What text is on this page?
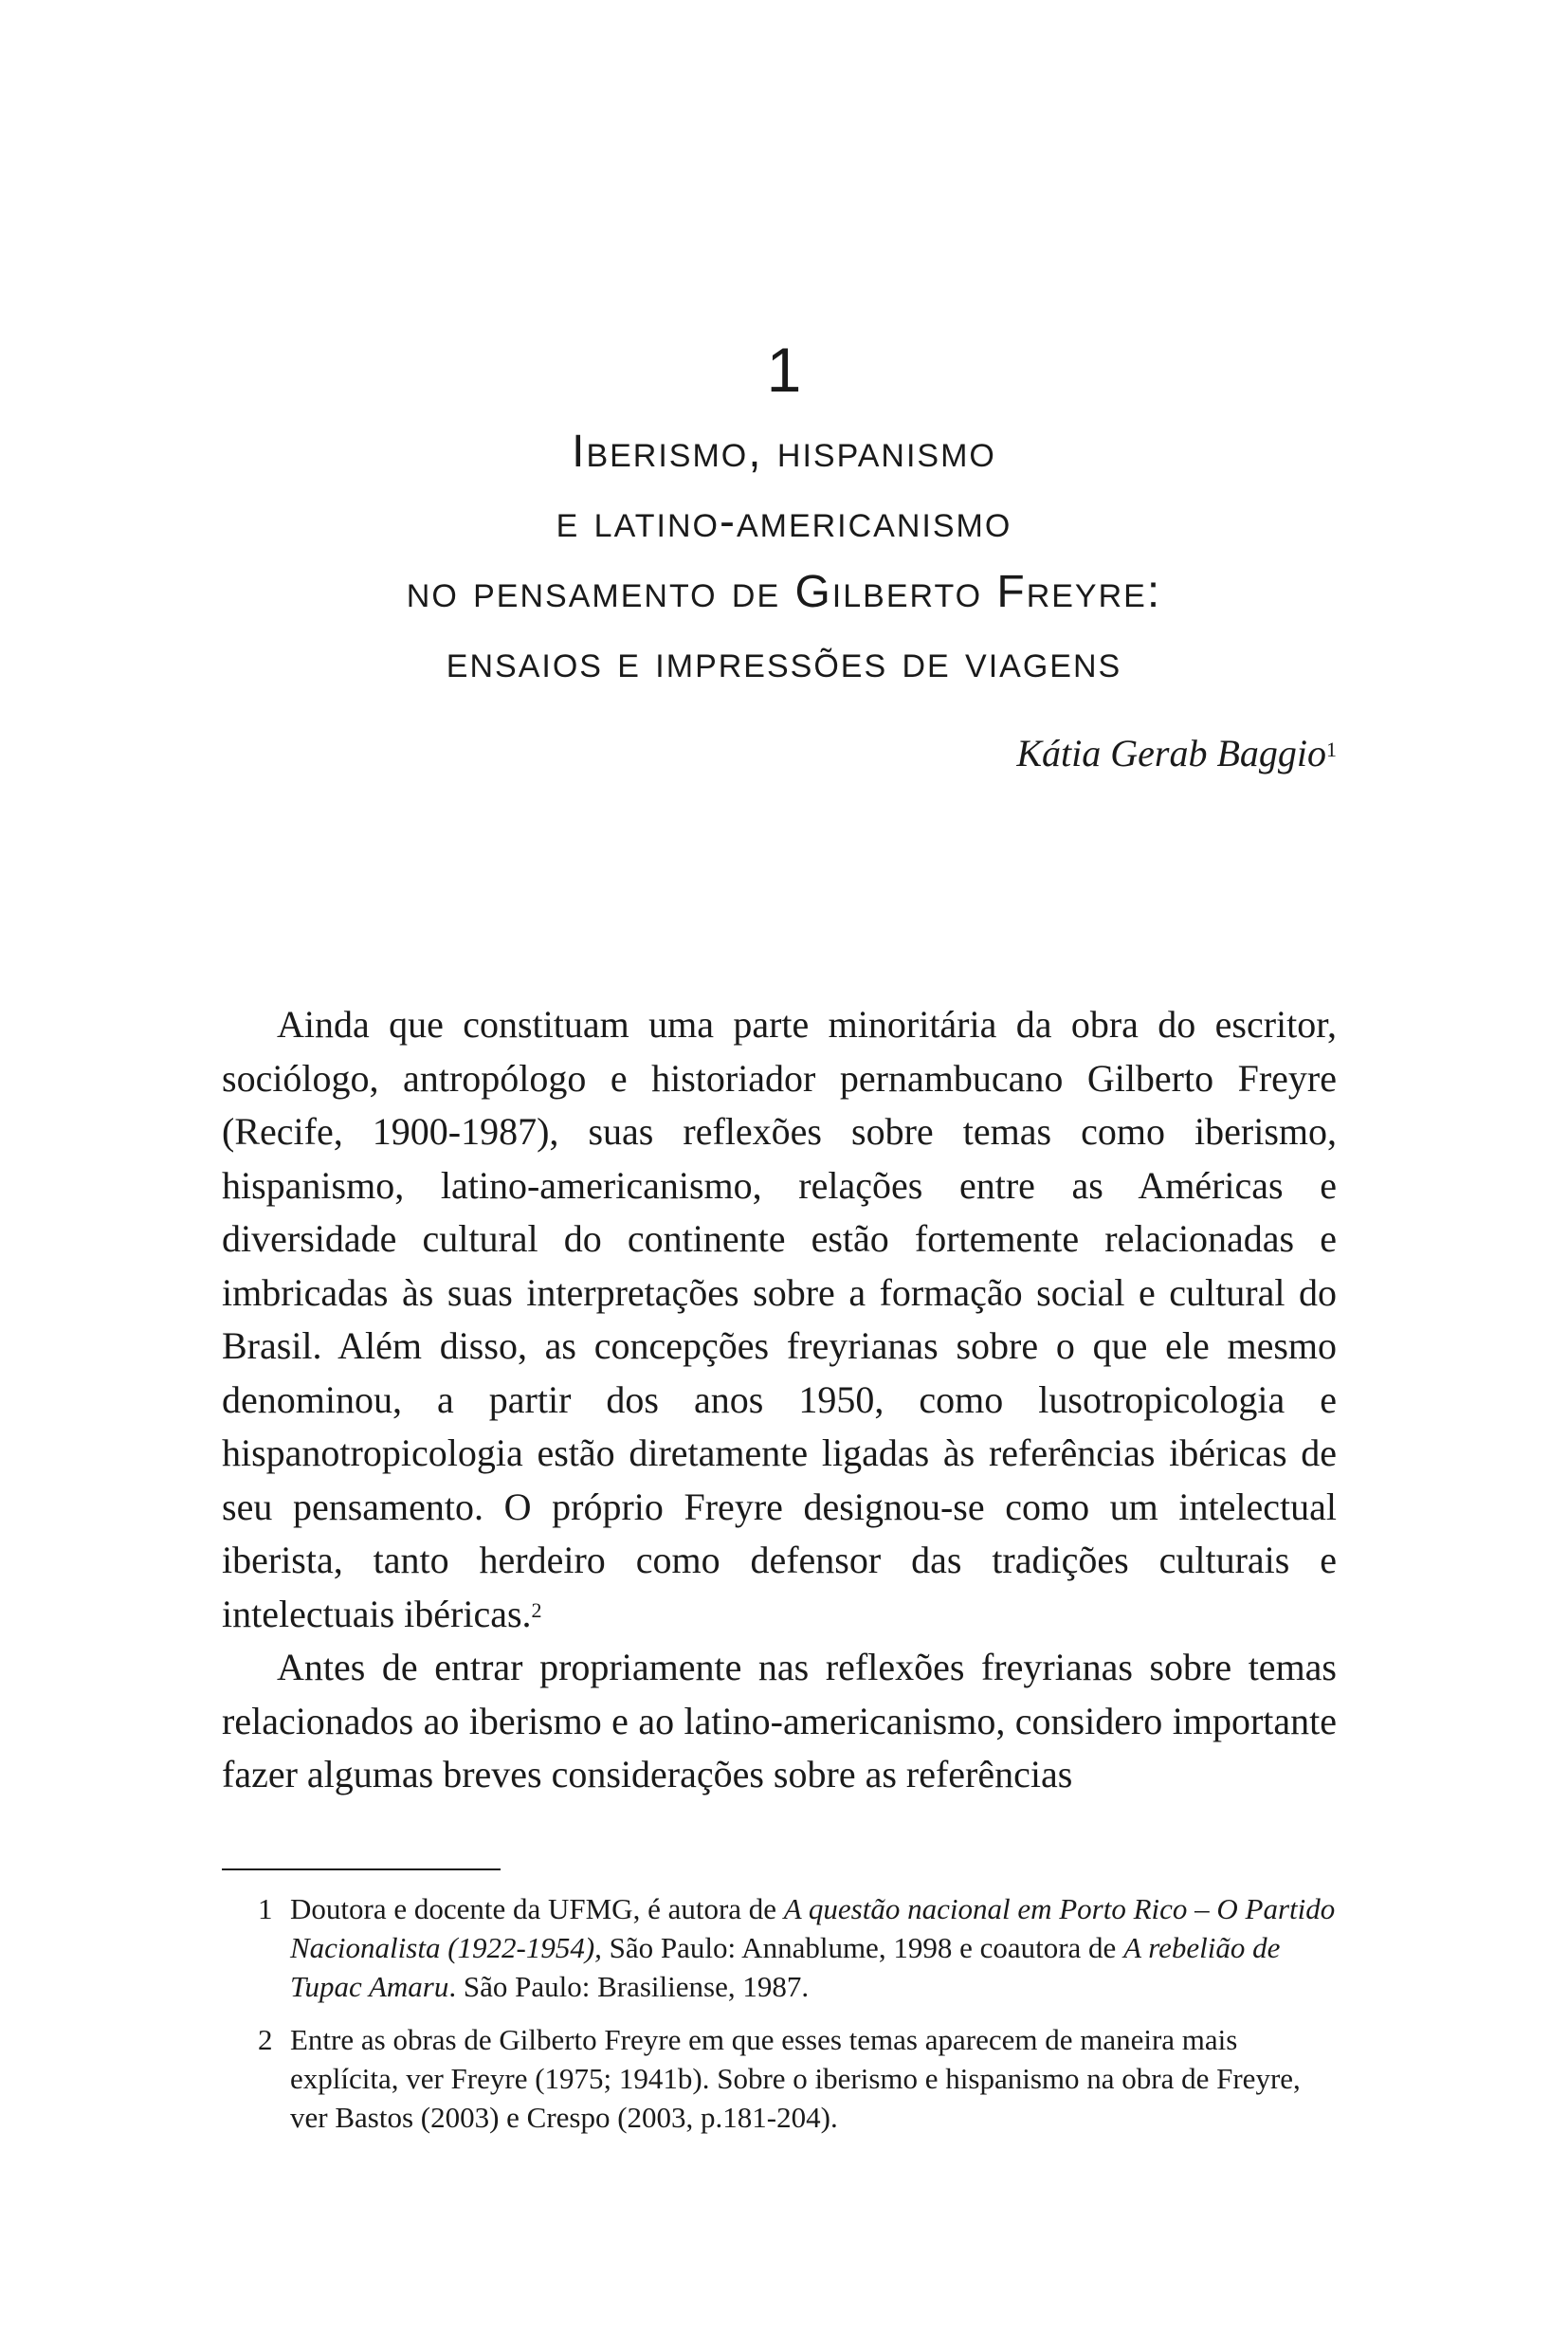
1
Iberismo, hispanismo
e latino-americanismo
no pensamento de Gilberto Freyre:
ensaios e impressões de viagens
Kátia Gerab Baggio$^1$

Ainda que constituam uma parte minoritária da obra do escritor, sociólogo, antropólogo e historiador pernambucano Gilberto Freyre (Recife, 1900-1987), suas reflexões sobre temas como iberismo, hispanismo, latino-americanismo, relações entre as Américas e diversidade cultural do continente estão fortemente relacionadas e imbricadas às suas interpretações sobre a formação social e cultural do Brasil. Além disso, as concepções freyrianas sobre o que ele mesmo denominou, a partir dos anos 1950, como lusotropicologia e hispanotropicologia estão diretamente ligadas às referências ibéricas de seu pensamento. O próprio Freyre designou-se como um intelectual iberista, tanto herdeiro como defensor das tradições culturais e intelectuais ibéricas.$^2$

Antes de entrar propriamente nas reflexões freyrianas sobre temas relacionados ao iberismo e ao latino-americanismo, considero importante fazer algumas breves considerações sobre as referências

1 Doutora e docente da UFMG, é autora de A questão nacional em Porto Rico – O Partido Nacionalista (1922-1954), São Paulo: Annablume, 1998 e coautora de A rebelião de Tupac Amaru. São Paulo: Brasiliense, 1987.
2 Entre as obras de Gilberto Freyre em que esses temas aparecem de maneira mais explícita, ver Freyre (1975; 1941b). Sobre o iberismo e hispanismo na obra de Freyre, ver Bastos (2003) e Crespo (2003, p.181-204).
